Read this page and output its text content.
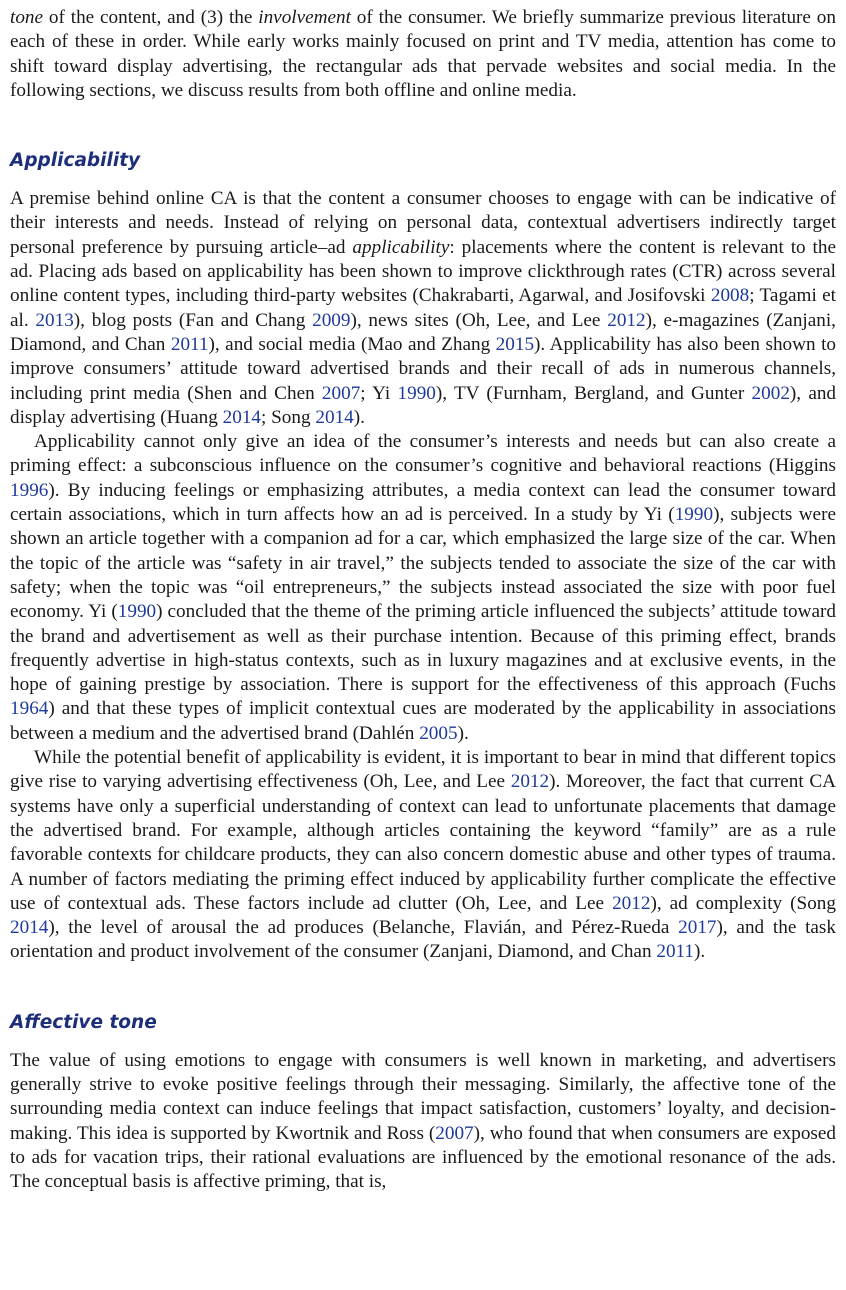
tone of the content, and (3) the involvement of the consumer. We briefly summarize previous literature on each of these in order. While early works mainly focused on print and TV media, attention has come to shift toward display advertising, the rectangular ads that pervade websites and social media. In the following sections, we discuss results from both offline and online media.

Applicability

A premise behind online CA is that the content a consumer chooses to engage with can be indicative of their interests and needs. Instead of relying on personal data, contextual advertisers indirectly target personal preference by pursuing article–ad applicability: placements where the content is relevant to the ad. Placing ads based on applicability has been shown to improve clickthrough rates (CTR) across several online content types, including third-party websites (Chakrabarti, Agarwal, and Josifovski 2008; Tagami et al. 2013), blog posts (Fan and Chang 2009), news sites (Oh, Lee, and Lee 2012), e-magazines (Zanjani, Diamond, and Chan 2011), and social media (Mao and Zhang 2015). Applicability has also been shown to improve consumers’ attitude toward advertised brands and their recall of ads in numerous channels, including print media (Shen and Chen 2007; Yi 1990), TV (Furnham, Bergland, and Gunter 2002), and display advertising (Huang 2014; Song 2014).

Applicability cannot only give an idea of the consumer’s interests and needs but can also create a priming effect: a subconscious influence on the consumer’s cognitive and behavioral reactions (Higgins 1996). By inducing feelings or emphasizing attributes, a media context can lead the consumer toward certain associations, which in turn affects how an ad is perceived. In a study by Yi (1990), subjects were shown an article together with a companion ad for a car, which emphasized the large size of the car. When the topic of the article was “safety in air travel,” the subjects tended to associate the size of the car with safety; when the topic was “oil entrepreneurs,” the subjects instead associated the size with poor fuel economy. Yi (1990) concluded that the theme of the priming article influenced the subjects’ attitude toward the brand and advertisement as well as their purchase intention. Because of this priming effect, brands frequently advertise in high-status contexts, such as in luxury magazines and at exclusive events, in the hope of gaining prestige by association. There is support for the effectiveness of this approach (Fuchs 1964) and that these types of implicit contextual cues are moderated by the applicability in associations between a medium and the advertised brand (Dahlén 2005).

While the potential benefit of applicability is evident, it is important to bear in mind that different topics give rise to varying advertising effectiveness (Oh, Lee, and Lee 2012). Moreover, the fact that current CA systems have only a superficial understanding of context can lead to unfortunate placements that damage the advertised brand. For example, although articles containing the keyword “family” are as a rule favorable contexts for childcare products, they can also concern domestic abuse and other types of trauma. A number of factors mediating the priming effect induced by applicability further complicate the effective use of contextual ads. These factors include ad clutter (Oh, Lee, and Lee 2012), ad complexity (Song 2014), the level of arousal the ad produces (Belanche, Flavián, and Pérez-Rueda 2017), and the task orientation and product involvement of the consumer (Zanjani, Diamond, and Chan 2011).

Affective tone

The value of using emotions to engage with consumers is well known in marketing, and advertisers generally strive to evoke positive feelings through their messaging. Similarly, the affective tone of the surrounding media context can induce feelings that impact satisfaction, customers’ loyalty, and decision-making. This idea is supported by Kwortnik and Ross (2007), who found that when consumers are exposed to ads for vacation trips, their rational evaluations are influenced by the emotional resonance of the ads. The conceptual basis is affective priming, that is,
